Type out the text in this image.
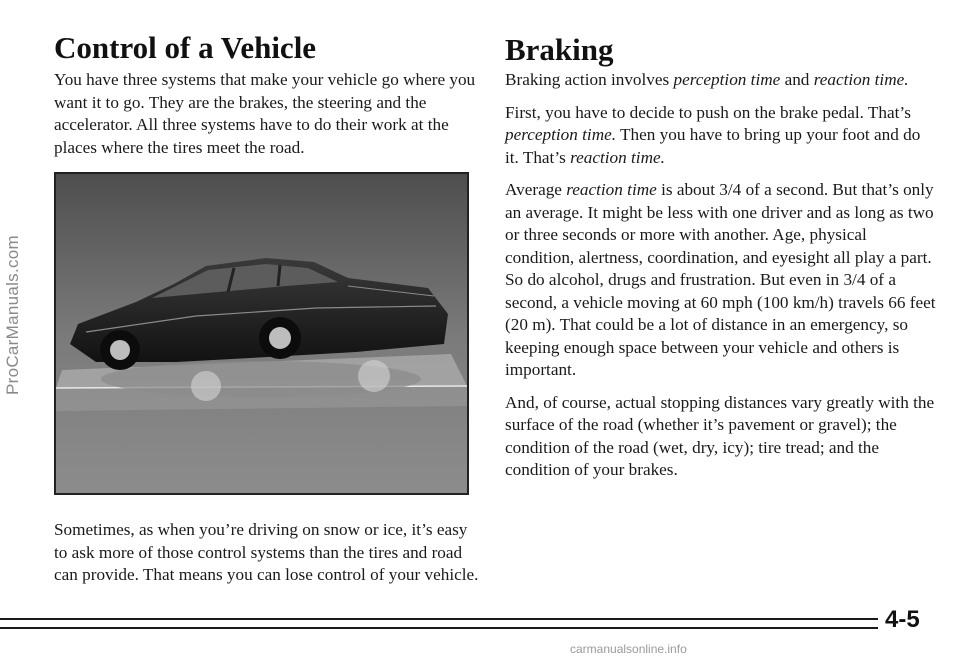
ProCarManuals.com
Control of a Vehicle

You have three systems that make your vehicle go where you want it to go. They are the brakes, the steering and the accelerator. All three systems have to do their work at the places where the tires meet the road.

Sometimes, as when you’re driving on snow or ice, it’s easy to ask more of those control systems than the tires and road can provide. That means you can lose control of your vehicle.

Braking

Braking action involves perception time and reaction time.

First, you have to decide to push on the brake pedal. That’s perception time. Then you have to bring up your foot and do it. That’s reaction time.

Average reaction time is about 3/4 of a second. But that’s only an average. It might be less with one driver and as long as two or three seconds or more with another. Age, physical condition, alertness, coordination, and eyesight all play a part. So do alcohol, drugs and frustration. But even in 3/4 of a second, a vehicle moving at 60 mph (100 km/h) travels 66 feet (20 m). That could be a lot of distance in an emergency, so keeping enough space between your vehicle and others is important.

And, of course, actual stopping distances vary greatly with the surface of the road (whether it’s pavement or gravel); the condition of the road (wet, dry, icy); tire tread; and the condition of your brakes.

4-5
carmanualsonline.info
